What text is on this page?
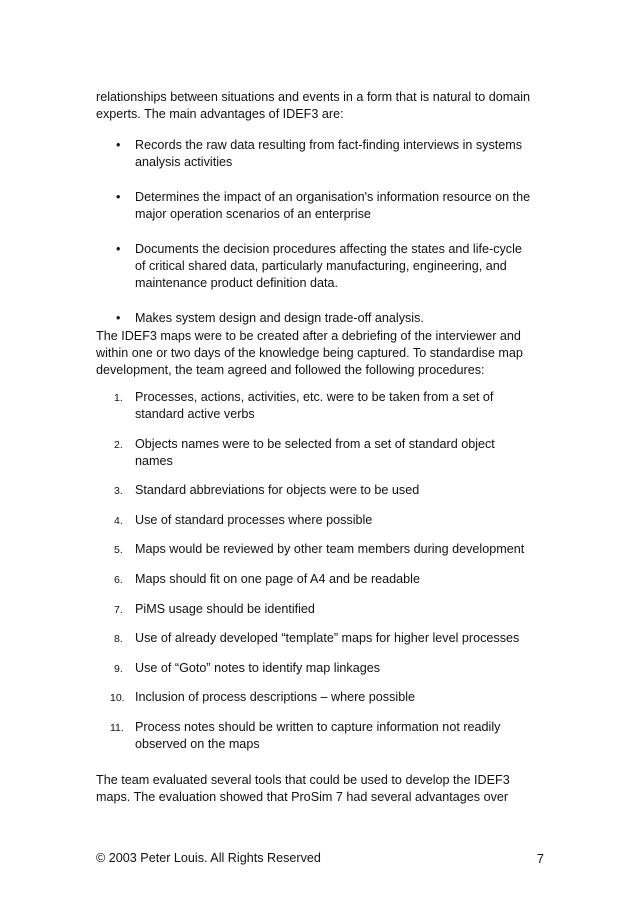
relationships between situations and events in a form that is natural to domain
experts. The main advantages of IDEF3 are:

• Records the raw data resulting from fact-finding interviews in systems
analysis activities
• Determines the impact of an organisation's information resource on the
major operation scenarios of an enterprise
• Documents the decision procedures affecting the states and life-cycle
of critical shared data, particularly manufacturing, engineering, and
maintenance product definition data.
• Makes system design and design trade-off analysis.

The IDEF3 maps were to be created after a debriefing of the interviewer and
within one or two days of the knowledge being captured. To standardise map
development, the team agreed and followed the following procedures:

1. Processes, actions, activities, etc. were to be taken from a set of
standard active verbs
2. Objects names were to be selected from a set of standard object
names
3. Standard abbreviations for objects were to be used
4. Use of standard processes where possible
5. Maps would be reviewed by other team members during development
6. Maps should fit on one page of A4 and be readable
7. PiMS usage should be identified
8. Use of already developed “template” maps for higher level processes
9. Use of “Goto” notes to identify map linkages
10. Inclusion of process descriptions – where possible
11. Process notes should be written to capture information not readily
observed on the maps

The team evaluated several tools that could be used to develop the IDEF3
maps. The evaluation showed that ProSim 7 had several advantages over

© 2003 Peter Louis. All Rights Reserved	7
